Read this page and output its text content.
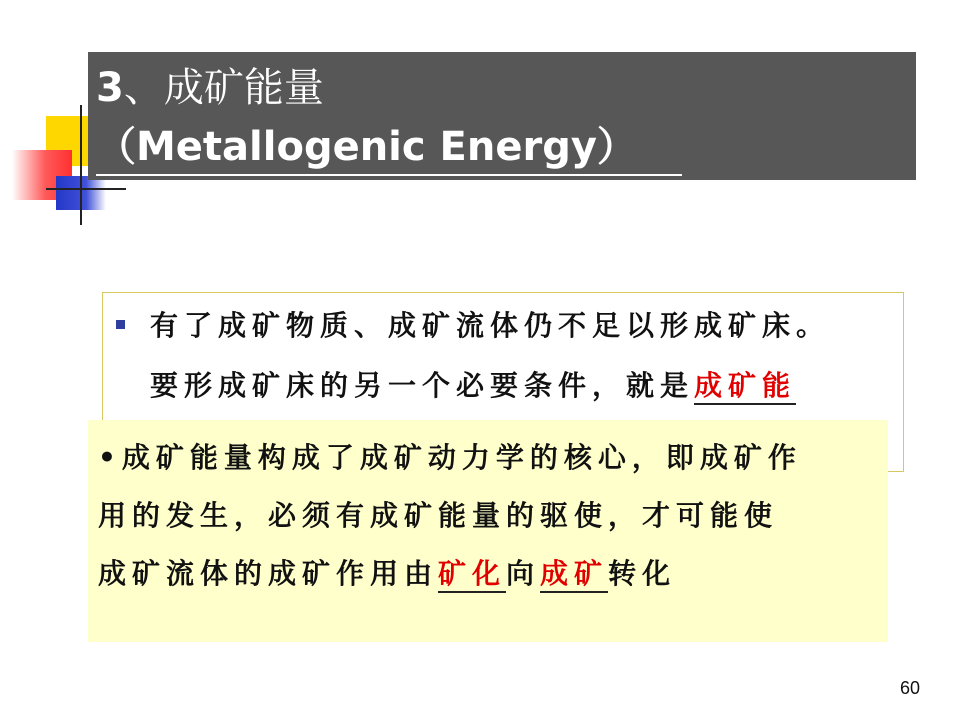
3、成矿能量
（Metallogenic Energy）
有了成矿物质、成矿流体仍不足以形成矿床。
要形成矿床的另一个必要条件，就是成矿能
•成矿能量构成了成矿动力学的核心，即成矿作
用的发生，必须有成矿能量的驱使，才可能使
成矿流体的成矿作用由矿化向成矿转化
60
